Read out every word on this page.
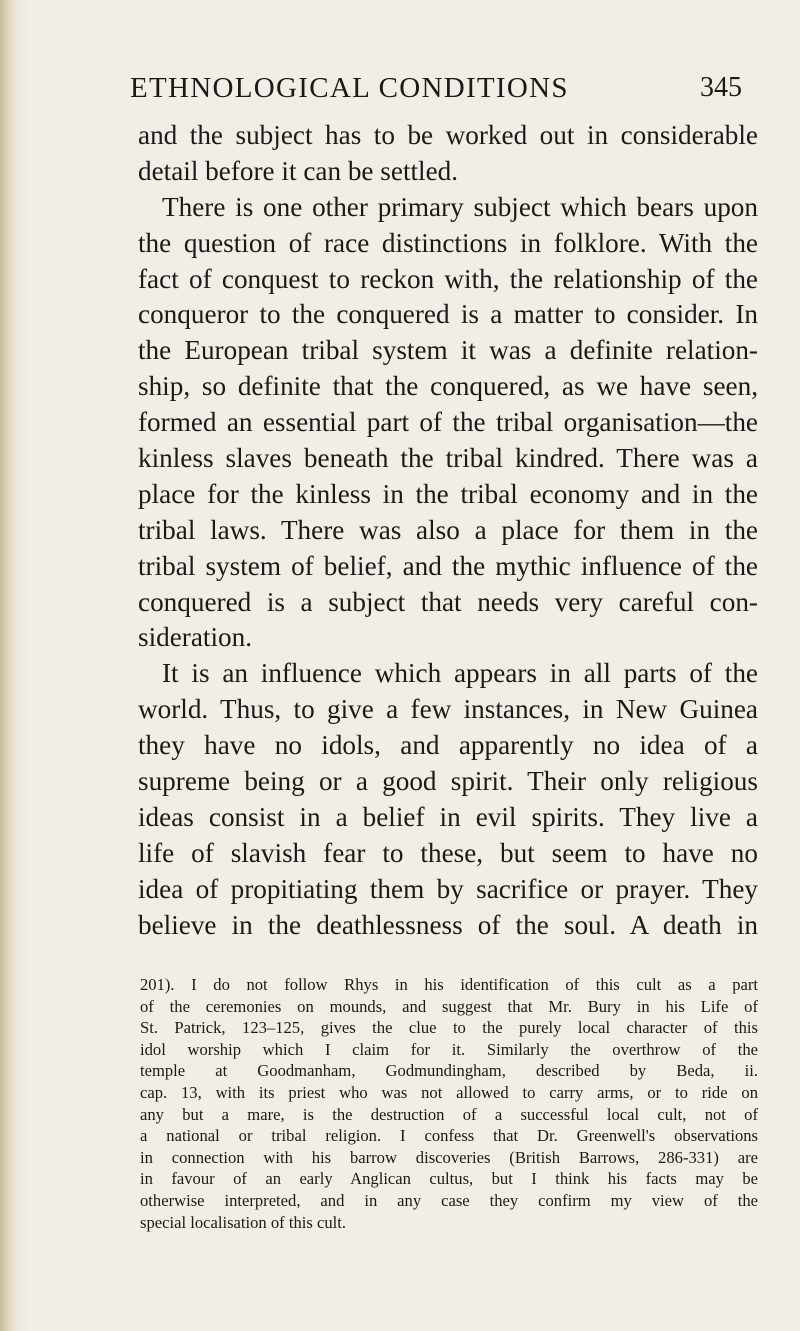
ETHNOLOGICAL CONDITIONS	345
and the subject has to be worked out in considerable
detail before it can be settled.
There is one other primary subject which bears upon
the question of race distinctions in folklore. With the
fact of conquest to reckon with, the relationship of the
conqueror to the conquered is a matter to consider. In
the European tribal system it was a definite relation-
ship, so definite that the conquered, as we have seen,
formed an essential part of the tribal organisation—the
kinless slaves beneath the tribal kindred. There was a
place for the kinless in the tribal economy and in the
tribal laws. There was also a place for them in the
tribal system of belief, and the mythic influence of the
conquered is a subject that needs very careful con-
sideration.
It is an influence which appears in all parts of the
world. Thus, to give a few instances, in New Guinea
they have no idols, and apparently no idea of a
supreme being or a good spirit. Their only religious
ideas consist in a belief in evil spirits. They live a
life of slavish fear to these, but seem to have no
idea of propitiating them by sacrifice or prayer. They
believe in the deathlessness of the soul. A death in
201). I do not follow Rhys in his identification of this cult as a part
of the ceremonies on mounds, and suggest that Mr. Bury in his Life of
St. Patrick, 123–125, gives the clue to the purely local character of this
idol worship which I claim for it. Similarly the overthrow of the
temple at Goodmanham, Godmundingham, described by Beda, ii.
cap. 13, with its priest who was not allowed to carry arms, or to ride on
any but a mare, is the destruction of a successful local cult, not of
a national or tribal religion. I confess that Dr. Greenwell's observations
in connection with his barrow discoveries (British Barrows, 286-331) are
in favour of an early Anglican cultus, but I think his facts may be
otherwise interpreted, and in any case they confirm my view of the
special localisation of this cult.
